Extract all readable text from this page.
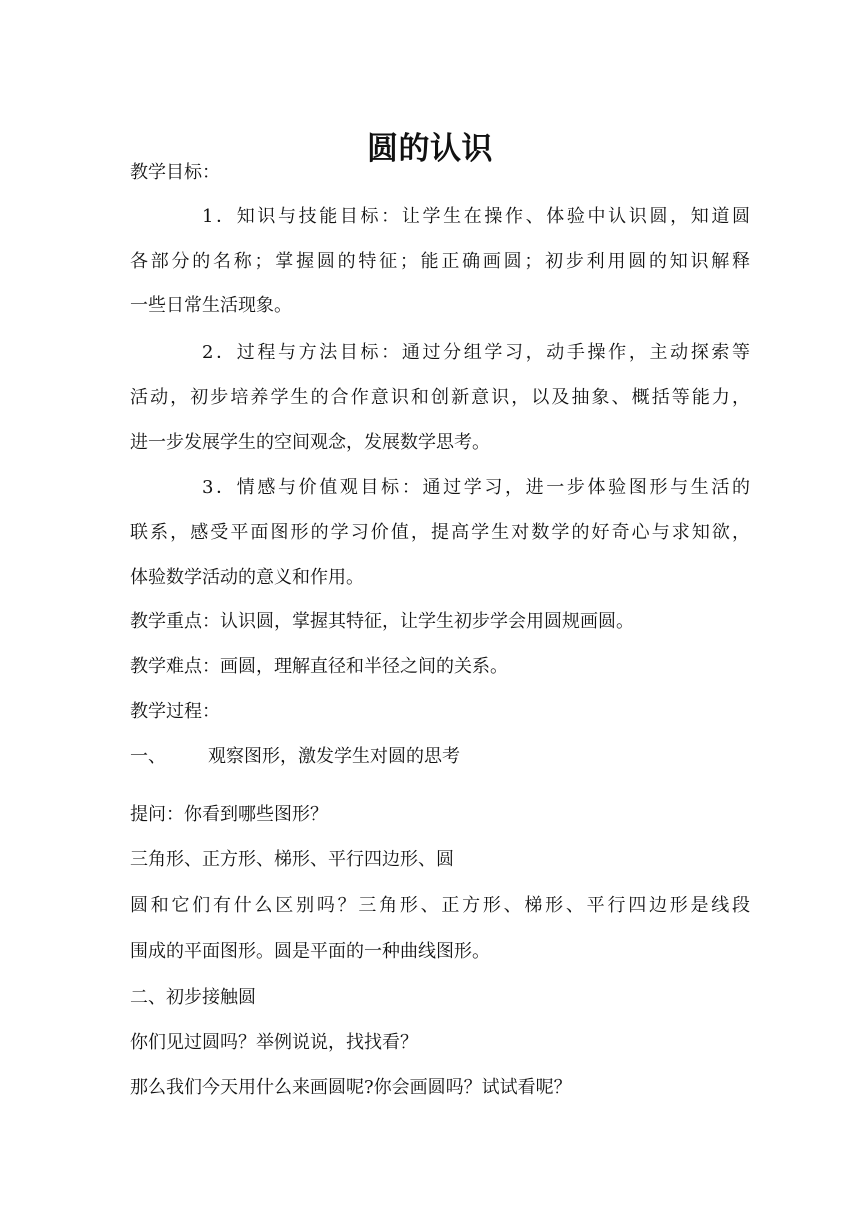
圆的认识
教学目标：
1．知识与技能目标：让学生在操作、体验中认识圆，知道圆
各部分的名称；掌握圆的特征；能正确画圆；初步利用圆的知识解释
一些日常生活现象。
2．过程与方法目标：通过分组学习，动手操作，主动探索等
活动，初步培养学生的合作意识和创新意识，以及抽象、概括等能力，
进一步发展学生的空间观念，发展数学思考。
3．情感与价值观目标：通过学习，进一步体验图形与生活的
联系，感受平面图形的学习价值，提高学生对数学的好奇心与求知欲，
体验数学活动的意义和作用。
教学重点：认识圆，掌握其特征，让学生初步学会用圆规画圆。
教学难点：画圆，理解直径和半径之间的关系。
教学过程：
一、 观察图形，激发学生对圆的思考
提问：你看到哪些图形？
三角形、正方形、梯形、平行四边形、圆
圆和它们有什么区别吗？三角形、正方形、梯形、平行四边形是线段
围成的平面图形。圆是平面的一种曲线图形。
二、初步接触圆
你们见过圆吗？举例说说，找找看？
那么我们今天用什么来画圆呢?你会画圆吗？试试看呢？
